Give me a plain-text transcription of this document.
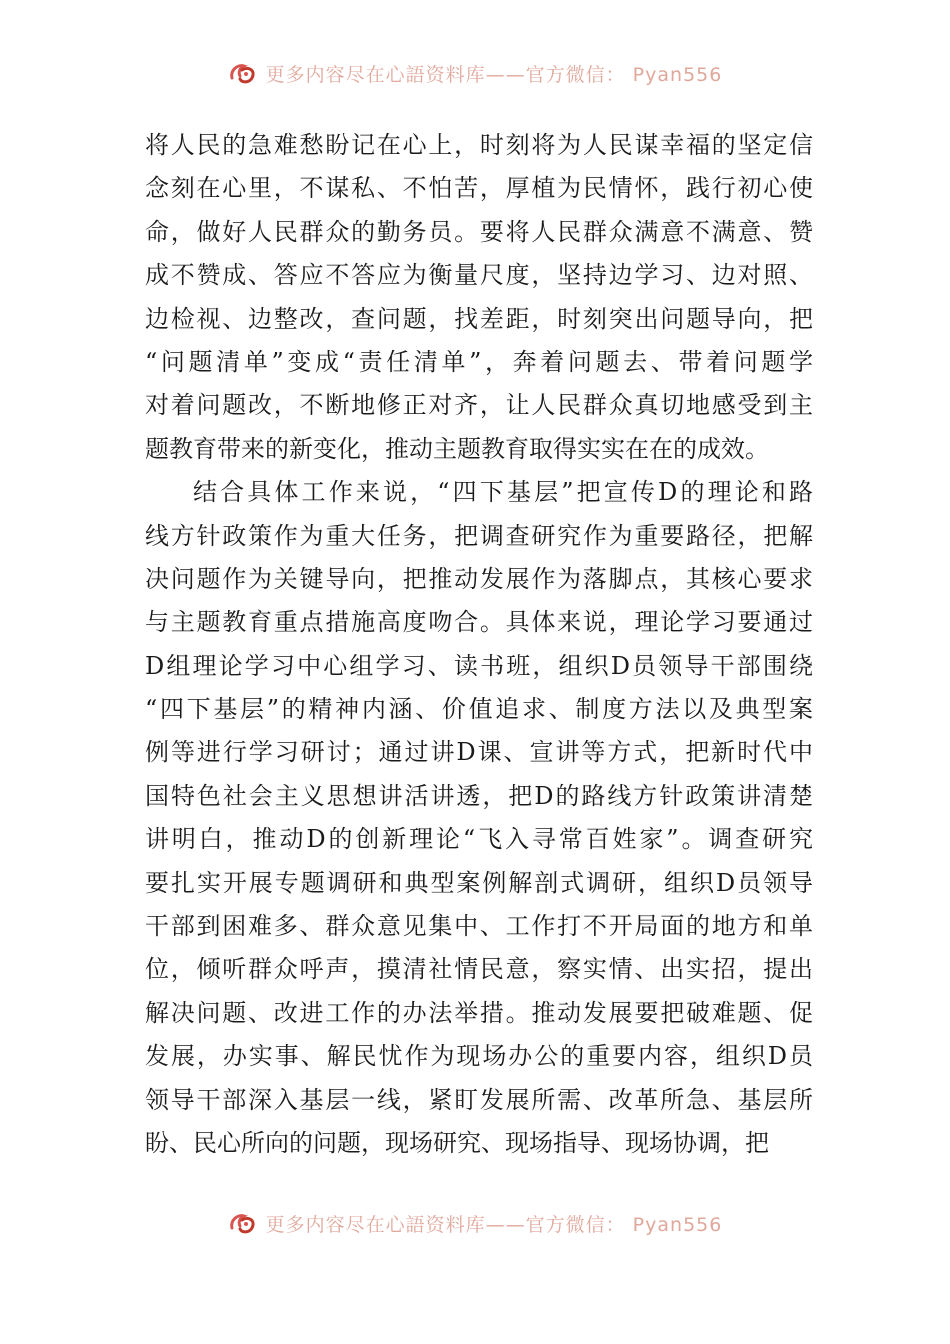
更多内容尽在心語资料库——官方微信： Pyan556
将人民的急难愁盼记在心上，时刻将为人民谋幸福的坚定信
念刻在心里，不谋私、不怕苦，厚植为民情怀，践行初心使
命，做好人民群众的勤务员。要将人民群众满意不满意、赞
成不赞成、答应不答应为衡量尺度，坚持边学习、边对照、
边检视、边整改，查问题，找差距，时刻突出问题导向，把
“问题清单”变成“责任清单”，奔着问题去、带着问题学
对着问题改，不断地修正对齐，让人民群众真切地感受到主
题教育带来的新变化，推动主题教育取得实实在在的成效。
结合具体工作来说，“四下基层”把宣传D的理论和路
线方针政策作为重大任务，把调查研究作为重要路径，把解
决问题作为关键导向，把推动发展作为落脚点，其核心要求
与主题教育重点措施高度吻合。具体来说，理论学习要通过
D组理论学习中心组学习、读书班，组织D员领导干部围绕
“四下基层”的精神内涵、价值追求、制度方法以及典型案
例等进行学习研讨；通过讲D课、宣讲等方式，把新时代中
国特色社会主义思想讲活讲透，把D的路线方针政策讲清楚
讲明白，推动D的创新理论“飞入寻常百姓家”。调查研究
要扎实开展专题调研和典型案例解剖式调研，组织D员领导
干部到困难多、群众意见集中、工作打不开局面的地方和单
位，倾听群众呼声，摸清社情民意，察实情、出实招，提出
解决问题、改进工作的办法举措。推动发展要把破难题、促
发展，办实事、解民忧作为现场办公的重要内容，组织D员
领导干部深入基层一线，紧盯发展所需、改革所急、基层所
盼、民心所向的问题，现场研究、现场指导、现场协调，把
更多内容尽在心語资料库——官方微信： Pyan556
